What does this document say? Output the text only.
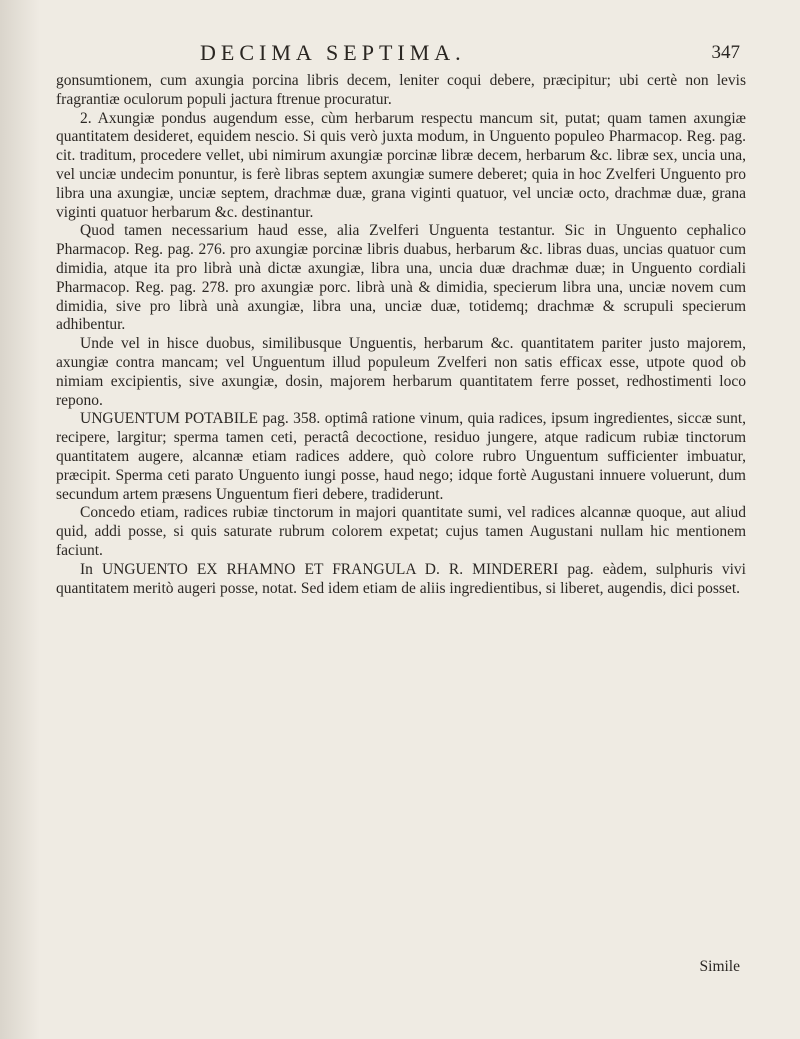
DECIMA SEPTIMA.	347

gonsumtionem, cum axungia porcina libris decem, leniter coqui debere, præcipitur; ubi certè non levis fragrantiæ oculorum populi jactura ftrenue procuratur.

2. Axungiæ pondus augendum esse, cùm herbarum respectu mancum sit, putat; quam tamen axungiæ quantitatem desideret, equidem nescio. Si quis verò juxta modum, in Unguento populeo Pharmacop. Reg. pag. cit. traditum, procedere vellet, ubi nimirum axungiæ porcinæ libræ decem, herbarum &c. libræ sex, uncia una, vel unciæ undecim ponuntur, is ferè libras septem axungiæ sumere deberet; quia in hoc Zvelferi Unguento pro libra una axungiæ, unciæ septem, drachmæ duæ, grana viginti quatuor, vel unciæ octo, drachmæ duæ, grana viginti quatuor herbarum &c. destinantur.

Quod tamen necessarium haud esse, alia Zvelferi Unguenta testantur. Sic in Unguento cephalico Pharmacop. Reg. pag. 276. pro axungiæ porcinæ libris duabus, herbarum &c. libras duas, uncias quatuor cum dimidia, atque ita pro librà unà dictæ axungiæ, libra una, uncia duæ drachmæ duæ; in Unguento cordiali Pharmacop. Reg. pag. 278. pro axungiæ porc. librà unà & dimidia, specierum libra una, unciæ novem cum dimidia, sive pro librà unà axungiæ, libra una, unciæ duæ, totidemq; drachmæ & scrupuli specierum adhibentur.

Unde vel in hisce duobus, similibusque Unguentis, herbarum &c. quantitatem pariter justo majorem, axungiæ contra mancam; vel Unguentum illud populeum Zvelferi non satis efficax esse, utpote quod ob nimiam excipientis, sive axungiæ, dosin, majorem herbarum quantitatem ferre posset, redhostimenti loco repono.

UNGUENTUM POTABILE pag. 358. optimâ ratione vinum, quia radices, ipsum ingredientes, siccæ sunt, recipere, largitur; sperma tamen ceti, peractâ decoctione, residuo jungere, atque radicum rubiæ tinctorum quantitatem augere, alcannæ etiam radices addere, quò colore rubro Unguentum sufficienter imbuatur, præcipit. Sperma ceti parato Unguento iungi posse, haud nego; idque fortè Augustani innuere voluerunt, dum secundum artem præsens Unguentum fieri debere, tradiderunt.

Concedo etiam, radices rubiæ tinctorum in majori quantitate sumi, vel radices alcannæ quoque, aut aliud quid, addi posse, si quis saturate rubrum colorem expetat; cujus tamen Augustani nullam hic mentionem faciunt.

In UNGUENTO EX RHAMNO ET FRANGULA D. R. MINDERERI pag. eàdem, sulphuris vivi quantitatem meritò augeri posse, notat. Sed idem etiam de aliis ingredientibus, si liberet, augendis, dici posset.

Simile
